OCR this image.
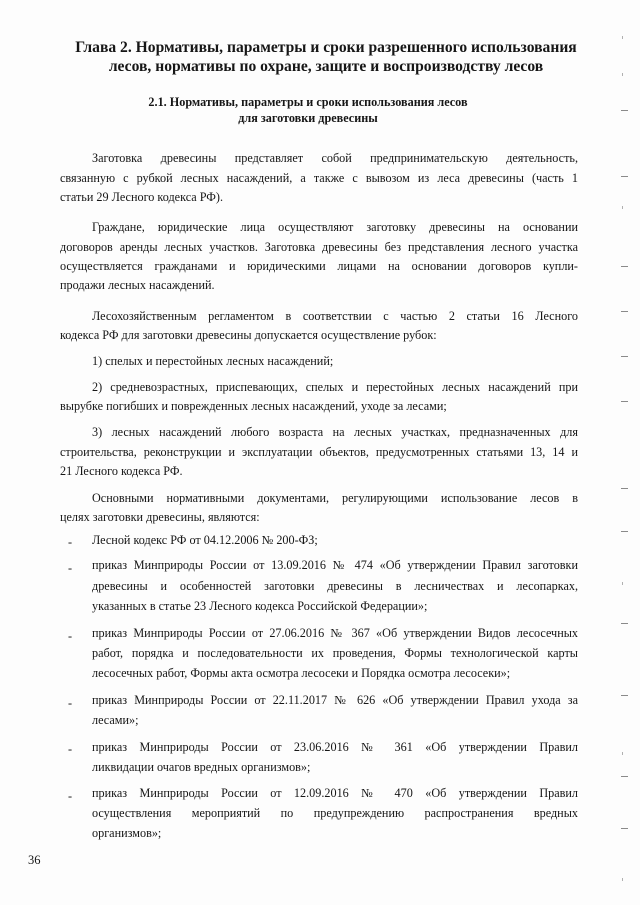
Глава 2. Нормативы, параметры и сроки разрешенного использования
лесов, нормативы по охране, защите и воспроизводству лесов
2.1. Нормативы, параметры и сроки использования лесов
для заготовки древесины
Заготовка древесины представляет собой предпринимательскую деятельность,
связанную с рубкой лесных насаждений, а также с вывозом из леса древесины (часть 1
статьи 29 Лесного кодекса РФ).
Граждане, юридические лица осуществляют заготовку древесины на основании
договоров аренды лесных участков. Заготовка древесины без представления лесного участка
осуществляется гражданами и юридическими лицами на основании договоров купли-
продажи лесных насаждений.
Лесохозяйственным регламентом в соответствии с частью 2 статьи 16 Лесного
кодекса РФ для заготовки древесины допускается осуществление рубок:
1) спелых и перестойных лесных насаждений;
2) средневозрастных, приспевающих, спелых и перестойных лесных насаждений при
вырубке погибших и поврежденных лесных насаждений, уходе за лесами;
3) лесных насаждений любого возраста на лесных участках, предназначенных для
строительства, реконструкции и эксплуатации объектов, предусмотренных статьями 13, 14 и
21 Лесного кодекса РФ.
Основными нормативными документами, регулирующими использование лесов в
целях заготовки древесины, являются:
- Лесной кодекс РФ от 04.12.2006 № 200-ФЗ;
- приказ Минприроды России от 13.09.2016 № 474 «Об утверждении Правил заготовки
древесины и особенностей заготовки древесины в лесничествах и лесопарках,
указанных в статье 23 Лесного кодекса Российской Федерации»;
- приказ Минприроды России от 27.06.2016 № 367 «Об утверждении Видов лесосечных
работ, порядка и последовательности их проведения, Формы технологической карты
лесосечных работ, Формы акта осмотра лесосеки и Порядка осмотра лесосеки»;
- приказ Минприроды России от 22.11.2017 № 626 «Об утверждении Правил ухода за
лесами»;
- приказ Минприроды России от 23.06.2016 № 361 «Об утверждении Правил
ликвидации очагов вредных организмов»;
- приказ Минприроды России от 12.09.2016 № 470 «Об утверждении Правил
осуществления мероприятий по предупреждению распространения вредных
организмов»;
36
